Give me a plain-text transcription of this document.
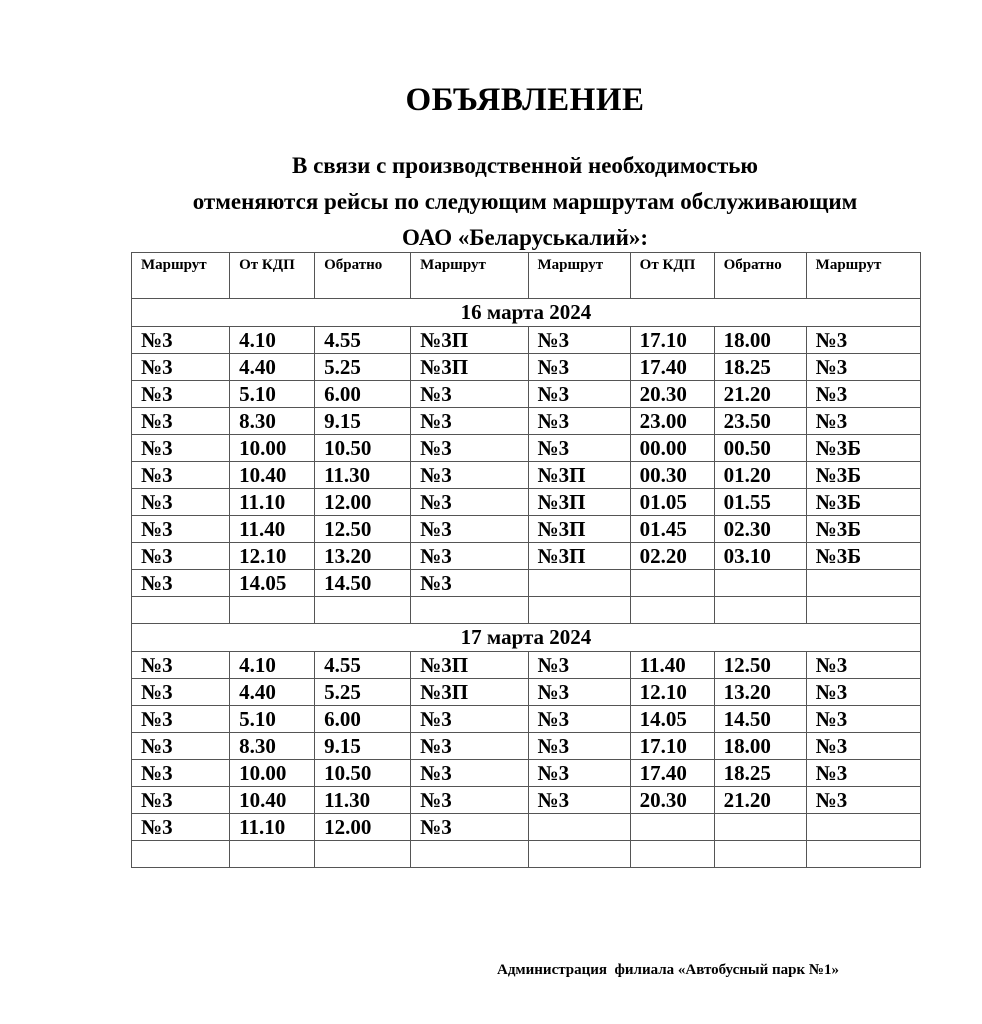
ОБЪЯВЛЕНИЕ
В связи с производственной необходимостью
отменяются рейсы по следующим маршрутам обслуживающим
ОАО «Беларуськалий»:
Маршрут	От КДП	Обратно	Маршрут	Маршрут	От КДП	Обратно	Маршрут
16 марта 2024							
№3	4.10	4.55	№3П	№3	17.10	18.00	№3
№3	4.40	5.25	№3П	№3	17.40	18.25	№3
№3	5.10	6.00	№3	№3	20.30	21.20	№3
№3	8.30	9.15	№3	№3	23.00	23.50	№3
№3	10.00	10.50	№3	№3	00.00	00.50	№3Б
№3	10.40	11.30	№3	№3П	00.30	01.20	№3Б
№3	11.10	12.00	№3	№3П	01.05	01.55	№3Б
№3	11.40	12.50	№3	№3П	01.45	02.30	№3Б
№3	12.10	13.20	№3	№3П	02.20	03.10	№3Б
№3	14.05	14.50	№3				

17 марта 2024							
№3	4.10	4.55	№3П	№3	11.40	12.50	№3
№3	4.40	5.25	№3П	№3	12.10	13.20	№3
№3	5.10	6.00	№3	№3	14.05	14.50	№3
№3	8.30	9.15	№3	№3	17.10	18.00	№3
№3	10.00	10.50	№3	№3	17.40	18.25	№3
№3	10.40	11.30	№3	№3	20.30	21.20	№3
№3	11.10	12.00	№3				

Администрация  филиала «Автобусный парк №1»
